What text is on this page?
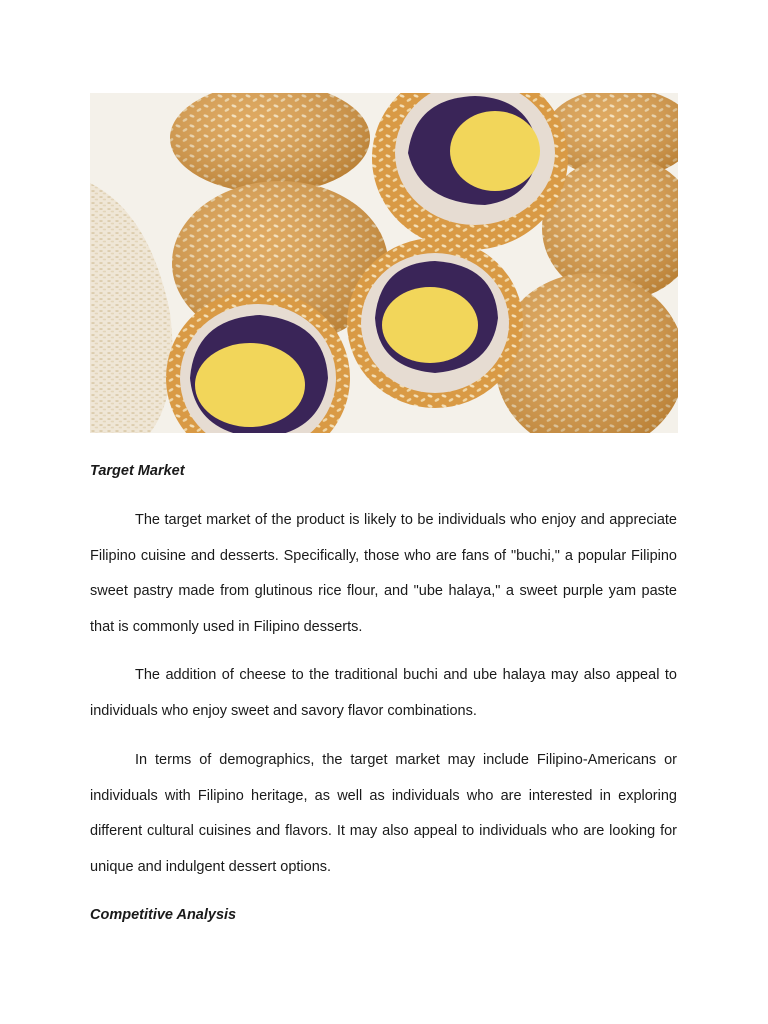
Target Market

The target market of the product is likely to be individuals who enjoy and appreciate Filipino cuisine and desserts. Specifically, those who are fans of "buchi," a popular Filipino sweet pastry made from glutinous rice flour, and "ube halaya," a sweet purple yam paste that is commonly used in Filipino desserts.

The addition of cheese to the traditional buchi and ube halaya may also appeal to individuals who enjoy sweet and savory flavor combinations.

In terms of demographics, the target market may include Filipino-Americans or individuals with Filipino heritage, as well as individuals who are interested in exploring different cultural cuisines and flavors. It may also appeal to individuals who are looking for unique and indulgent dessert options.

Competitive Analysis
